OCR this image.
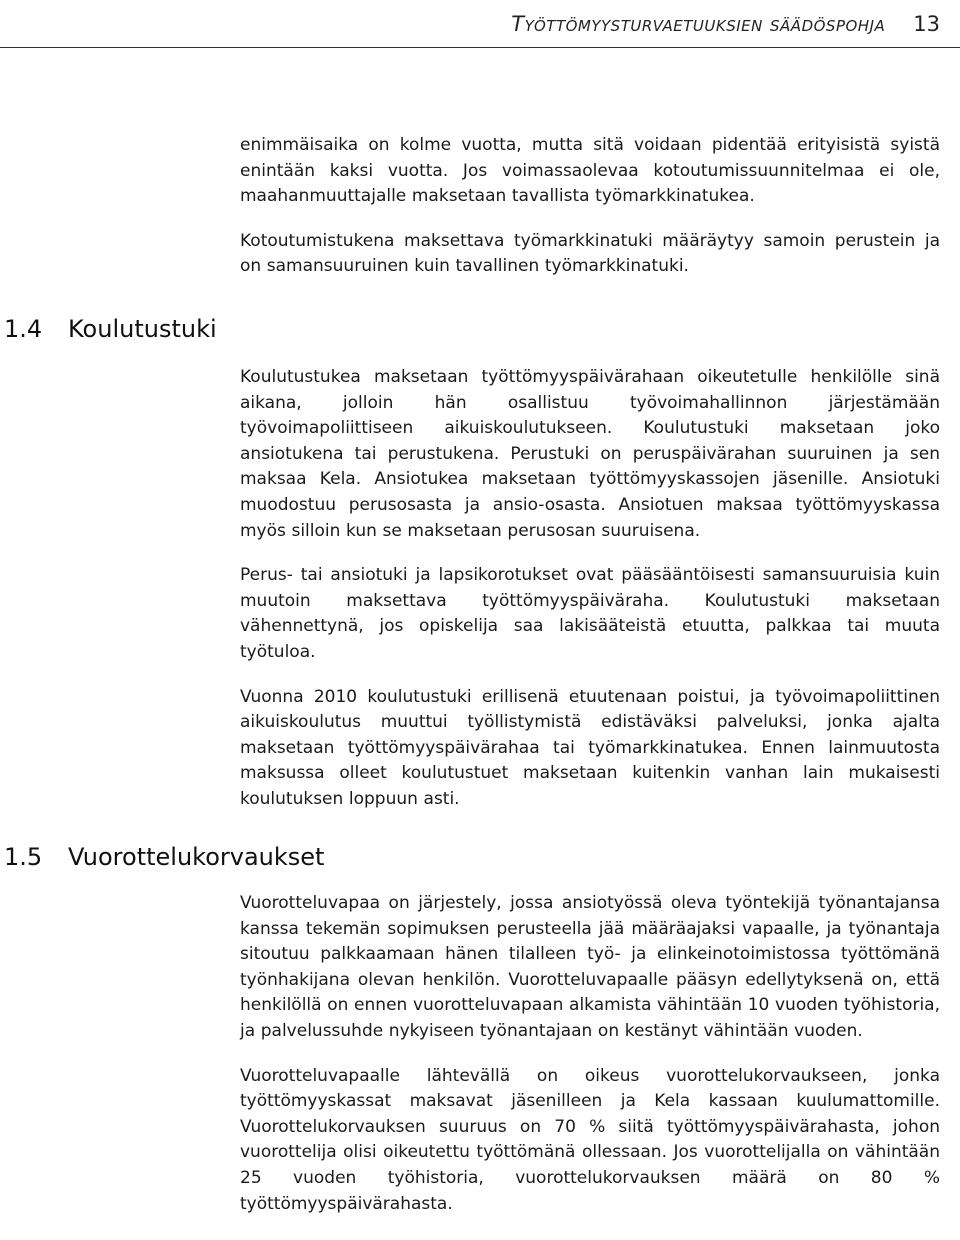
Työttömyysturvaetuuksien säädöspohja 13

enimmäisaika on kolme vuotta, mutta sitä voidaan pidentää erityisistä syistä enintään kaksi vuotta. Jos voimassaolevaa kotoutumissuunnitelmaa ei ole, maahanmuuttajalle maksetaan tavallista työmarkkinatukea.

Kotoutumistukena maksettava työmarkkinatuki määräytyy samoin perustein ja on samansuuruinen kuin tavallinen työmarkkinatuki.

1.4 Koulutustuki

Koulutustukea maksetaan työttömyyspäivärahaan oikeutetulle henkilölle sinä aikana, jolloin hän osallistuu työvoimahallinnon järjestämään työvoimapoliittiseen aikuiskoulutukseen. Koulutustuki maksetaan joko ansiotukena tai perustukena. Perustuki on peruspäivärahan suuruinen ja sen maksaa Kela. Ansiotukea maksetaan työttömyyskassojen jäsenille. Ansiotuki muodostuu perusosasta ja ansio-osasta. Ansiotuen maksaa työttömyyskassa myös silloin kun se maksetaan perusosan suuruisena.

Perus- tai ansiotuki ja lapsikorotukset ovat pääsääntöisesti samansuuruisia kuin muutoin maksettava työttömyyspäiväraha. Koulutustuki maksetaan vähennettynä, jos opiskelija saa lakisääteistä etuutta, palkkaa tai muuta työtuloa.

Vuonna 2010 koulutustuki erillisenä etuutenaan poistui, ja työvoimapoliittinen aikuiskoulutus muuttui työllistymistä edistäväksi palveluksi, jonka ajalta maksetaan työttömyyspäivärahaa tai työmarkkinatukea. Ennen lainmuutosta maksussa olleet koulutustuet maksetaan kuitenkin vanhan lain mukaisesti koulutuksen loppuun asti.

1.5 Vuorottelukorvaukset

Vuorotteluvapaa on järjestely, jossa ansiotyössä oleva työntekijä työnantajansa kanssa tekemän sopimuksen perusteella jää määräajaksi vapaalle, ja työnantaja sitoutuu palkkaamaan hänen tilalleen työ- ja elinkeinotoimistossa työttömänä työnhakijana olevan henkilön. Vuorotteluvapaalle pääsyn edellytyksenä on, että henkilöllä on ennen vuorotteluvapaan alkamista vähintään 10 vuoden työhistoria, ja palvelussuhde nykyiseen työnantajaan on kestänyt vähintään vuoden.

Vuorotteluvapaalle lähtevällä on oikeus vuorottelukorvaukseen, jonka työttömyyskassat maksavat jäsenilleen ja Kela kassaan kuulumattomille. Vuorottelukorvauksen suuruus on 70 % siitä työttömyyspäivärahasta, johon vuorottelija olisi oikeutettu työttömänä ollessaan. Jos vuorottelijalla on vähintään 25 vuoden työhistoria, vuorottelukorvauksen määrä on 80 % työttömyyspäivärahasta.
